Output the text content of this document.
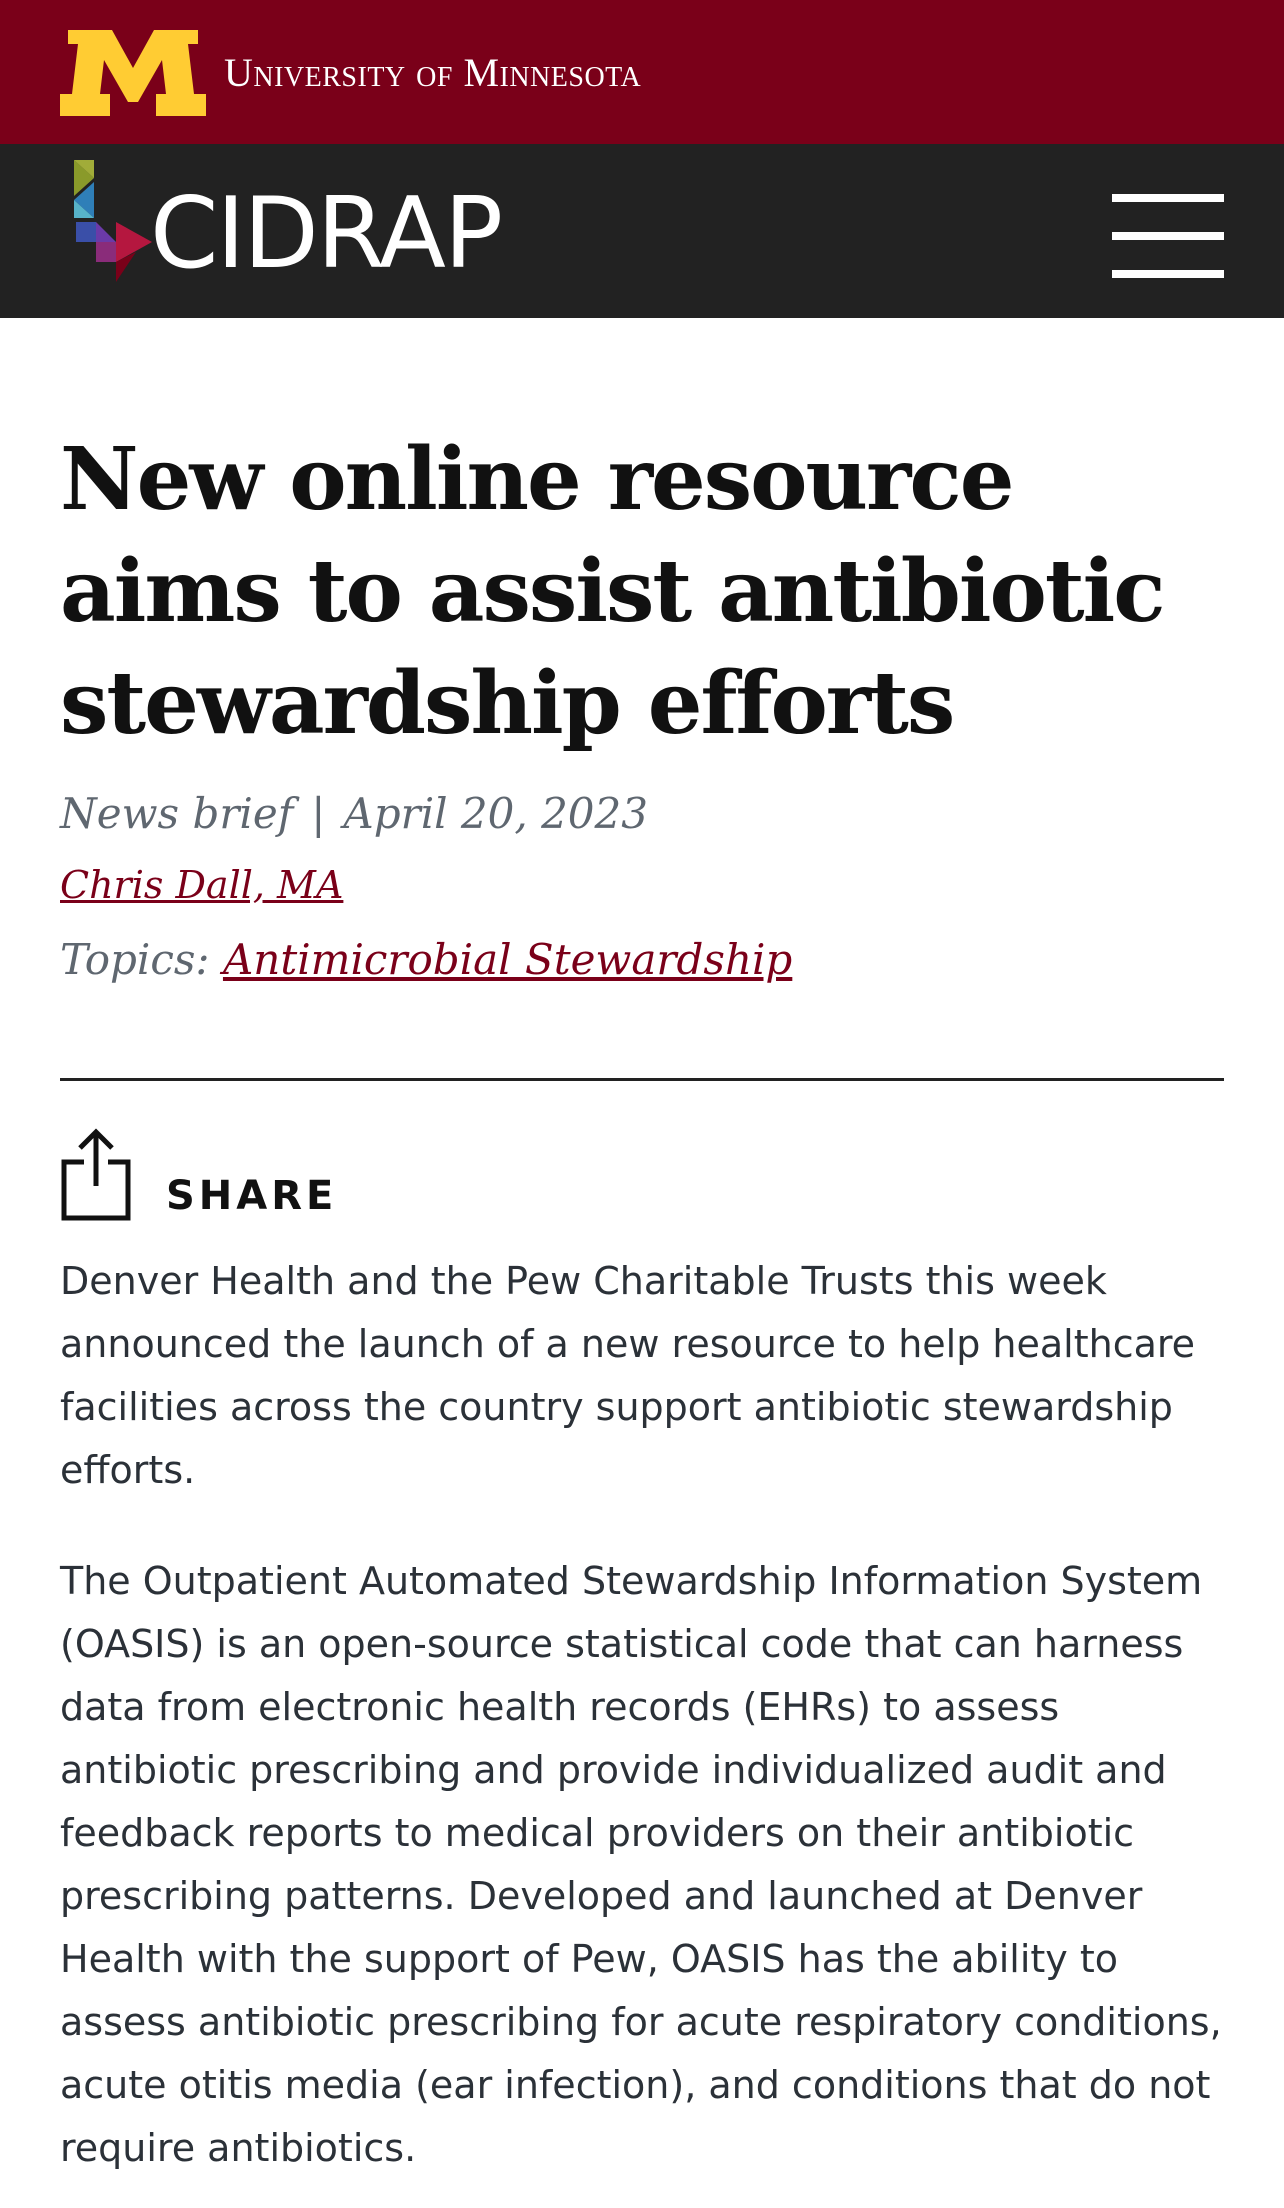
University of Minnesota
CIDRAP
New online resource aims to assist antibiotic stewardship efforts
News brief | April 20, 2023
Chris Dall, MA
Topics: Antimicrobial Stewardship
SHARE

Denver Health and the Pew Charitable Trusts this week announced the launch of a new resource to help healthcare facilities across the country support antibiotic stewardship efforts.

The Outpatient Automated Stewardship Information System (OASIS) is an open-source statistical code that can harness data from electronic health records (EHRs) to assess antibiotic prescribing and provide individualized audit and feedback reports to medical providers on their antibiotic prescribing patterns. Developed and launched at Denver Health with the support of Pew, OASIS has the ability to assess antibiotic prescribing for acute respiratory conditions, acute otitis media (ear infection), and conditions that do not require antibiotics.
